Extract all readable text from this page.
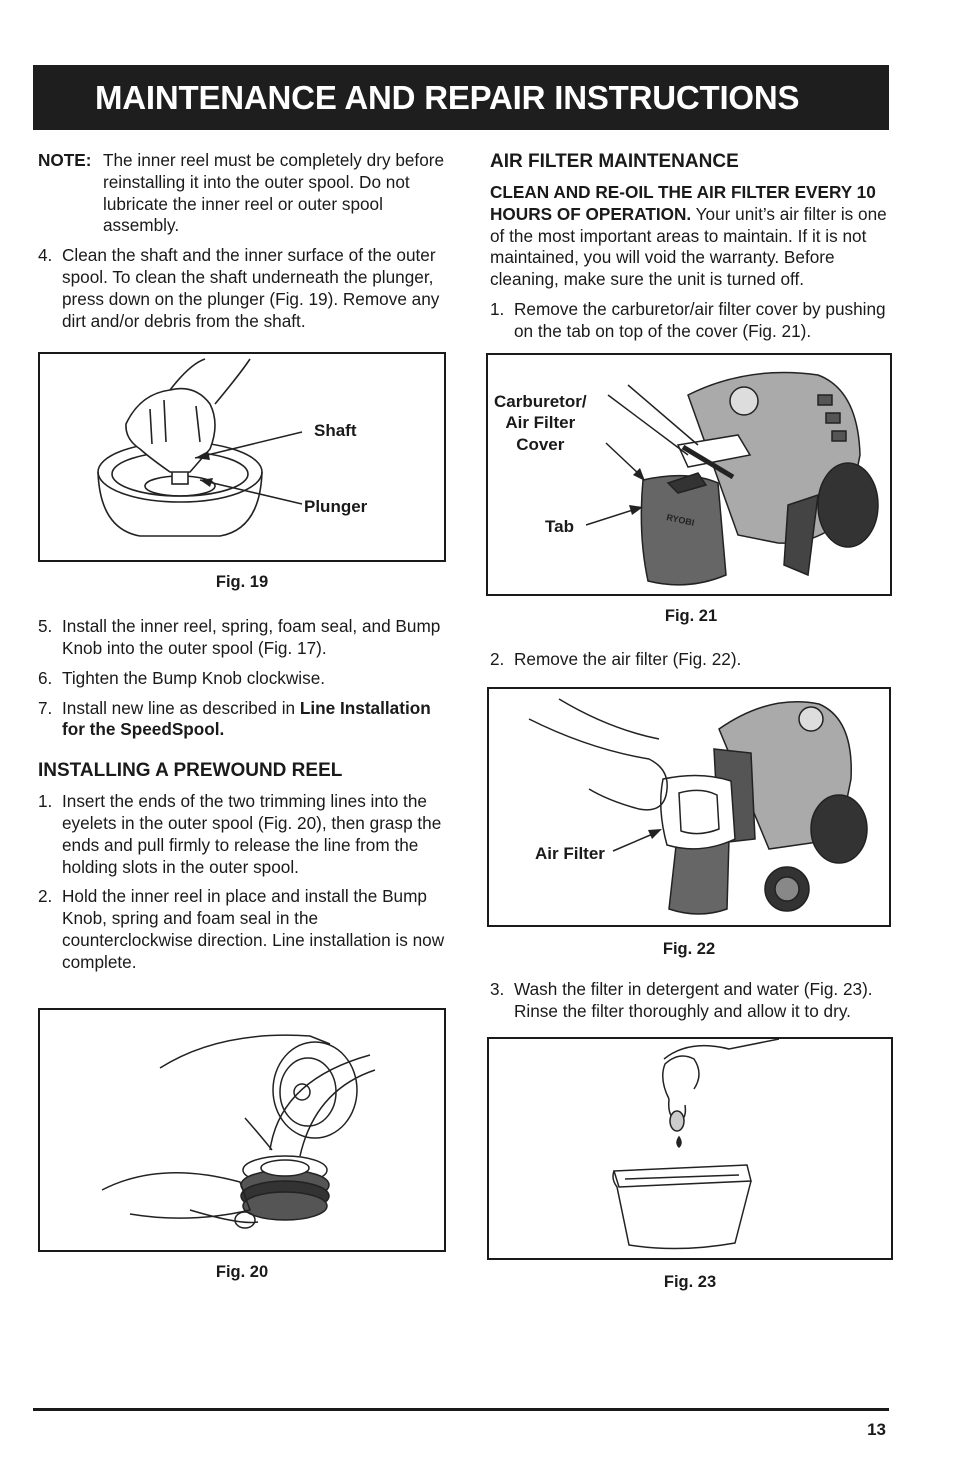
MAINTENANCE AND REPAIR INSTRUCTIONS
NOTE: The inner reel must be completely dry before reinstalling it into the outer spool. Do not lubricate the inner reel or outer spool assembly.
4. Clean the shaft and the inner surface of the outer spool. To clean the shaft underneath the plunger, press down on the plunger (Fig. 19). Remove any dirt and/or debris from the shaft.
Shaft
Plunger
Fig. 19
5. Install the inner reel, spring, foam seal, and Bump Knob into the outer spool (Fig. 17).
6. Tighten the Bump Knob clockwise.
7. Install new line as described in Line Installation for the SpeedSpool.
INSTALLING A PREWOUND REEL
1. Insert the ends of the two trimming lines into the eyelets in the outer spool (Fig. 20), then grasp the ends and pull firmly to release the line from the holding slots in the outer spool.
2. Hold the inner reel in place and install the Bump Knob, spring and foam seal in the counterclockwise direction. Line installation is now complete.
Fig. 20
AIR FILTER MAINTENANCE

CLEAN AND RE-OIL THE AIR FILTER EVERY 10 HOURS OF OPERATION. Your unit’s air filter is one of the most important areas to maintain. If it is not maintained, you will void the warranty. Before cleaning, make sure the unit is turned off.

1. Remove the carburetor/air filter cover by pushing on the tab on top of the cover (Fig. 21).
RYOBI
Carburetor/
Air Filter
Cover
Tab
Fig. 21
2. Remove the air filter (Fig. 22).
Air Filter
Fig. 22
3. Wash the filter in detergent and water (Fig. 23). Rinse the filter thoroughly and allow it to dry.
Fig. 23
13
